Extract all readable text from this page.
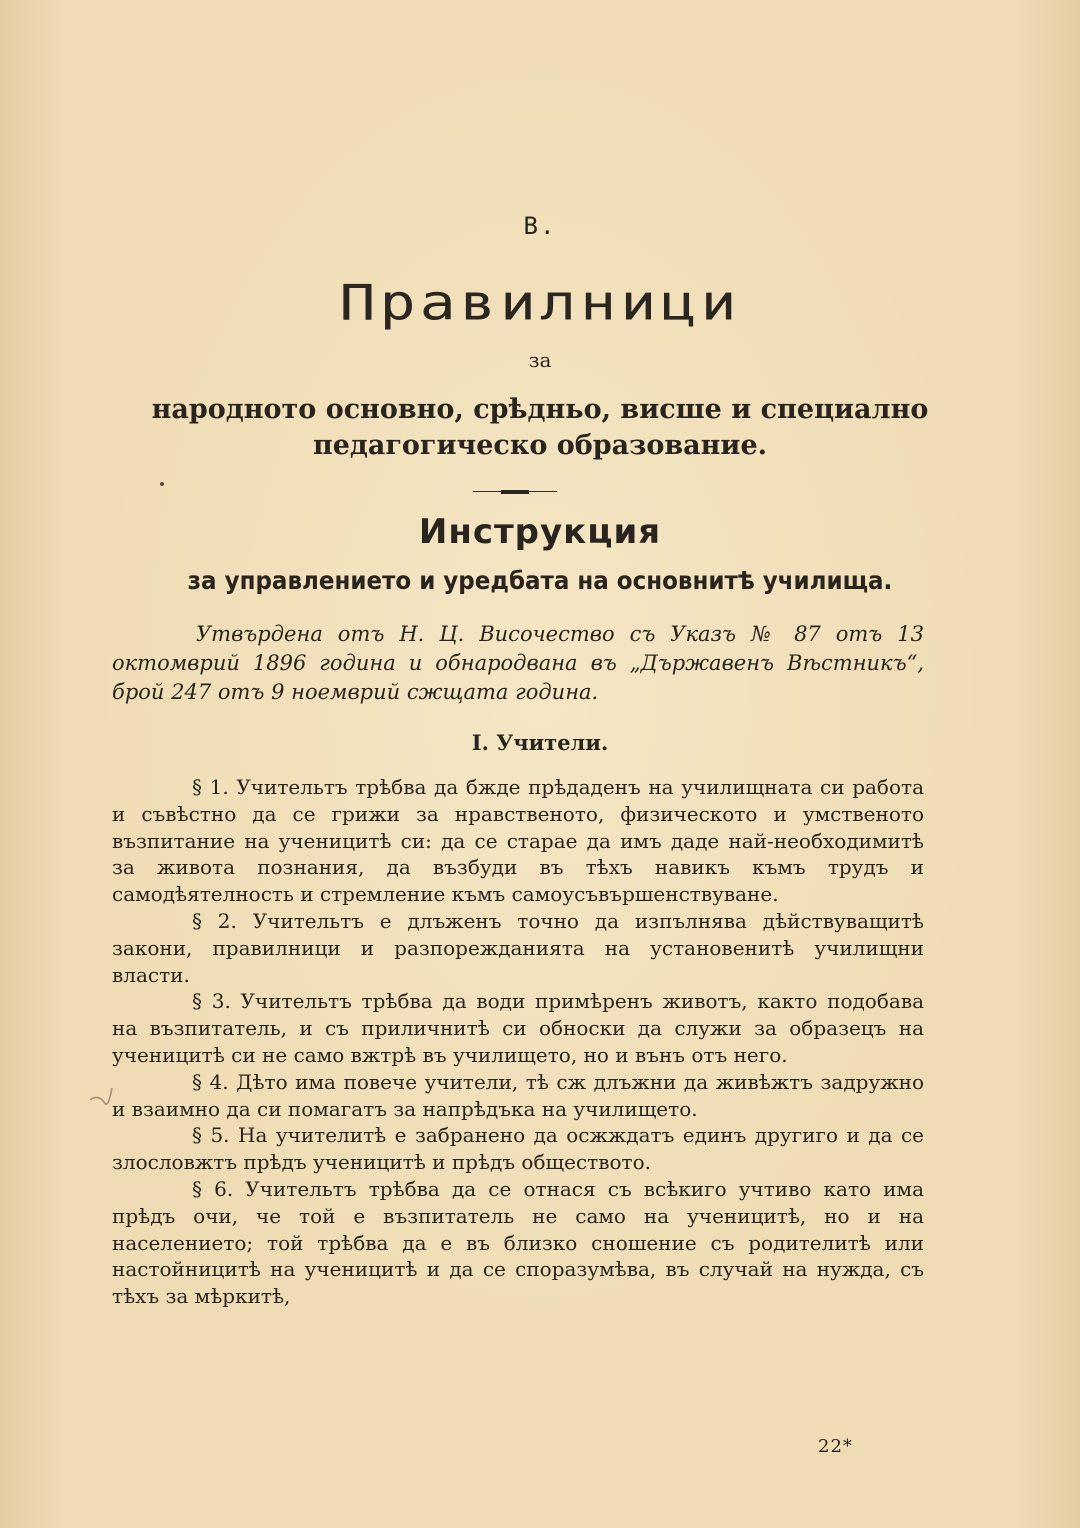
В.
Правилници
за
народното основно, срѣдньо, висше и специално педагогическо образование.
Инструкция
за управлението и уредбата на основнитѣ училища.
Утвърдена отъ Н. Ц. Височество съ Указъ № 87 отъ 13 октомврий 1896 година и обнародвана въ „Държавенъ Вѣстникъ“, брой 247 отъ 9 ноемврий сжщата година.
I. Учители.

§ 1. Учительтъ трѣбва да бжде прѣдаденъ на училищната си работа и съвѣстно да се грижи за нравственото, физическото и умственото възпитание на ученицитѣ си: да се старае да имъ даде най-необходимитѣ за живота познания, да възбуди въ тѣхъ навикъ къмъ трудъ и самодѣятелность и стремление къмъ самоусъвършенствуване.

§ 2. Учительтъ е длъженъ точно да изпълнява дѣйствуващитѣ закони, правилници и разпорежданията на установенитѣ училищни власти.

§ 3. Учительтъ трѣбва да води примѣренъ животъ, както подобава на възпитатель, и съ приличнитѣ си обноски да служи за образецъ на ученицитѣ си не само вжтрѣ въ училището, но и вънъ отъ него.

§ 4. Дѣто има повече учители, тѣ сж длъжни да живѣжтъ задружно и взаимно да си помагатъ за напрѣдъка на училището.

§ 5. На учителитѣ е забранено да осжждатъ единъ другиго и да се злословжтъ прѣдъ ученицитѣ и прѣдъ обществото.

§ 6. Учительтъ трѣбва да се отнася съ всѣкиго учтиво като има прѣдъ очи, че той е възпитатель не само на ученицитѣ, но и на населението; той трѣбва да е въ близко сношение съ родителитѣ или настойницитѣ на ученицитѣ и да се споразумѣва, въ случай на нужда, съ тѣхъ за мѣркитѣ,

22*
